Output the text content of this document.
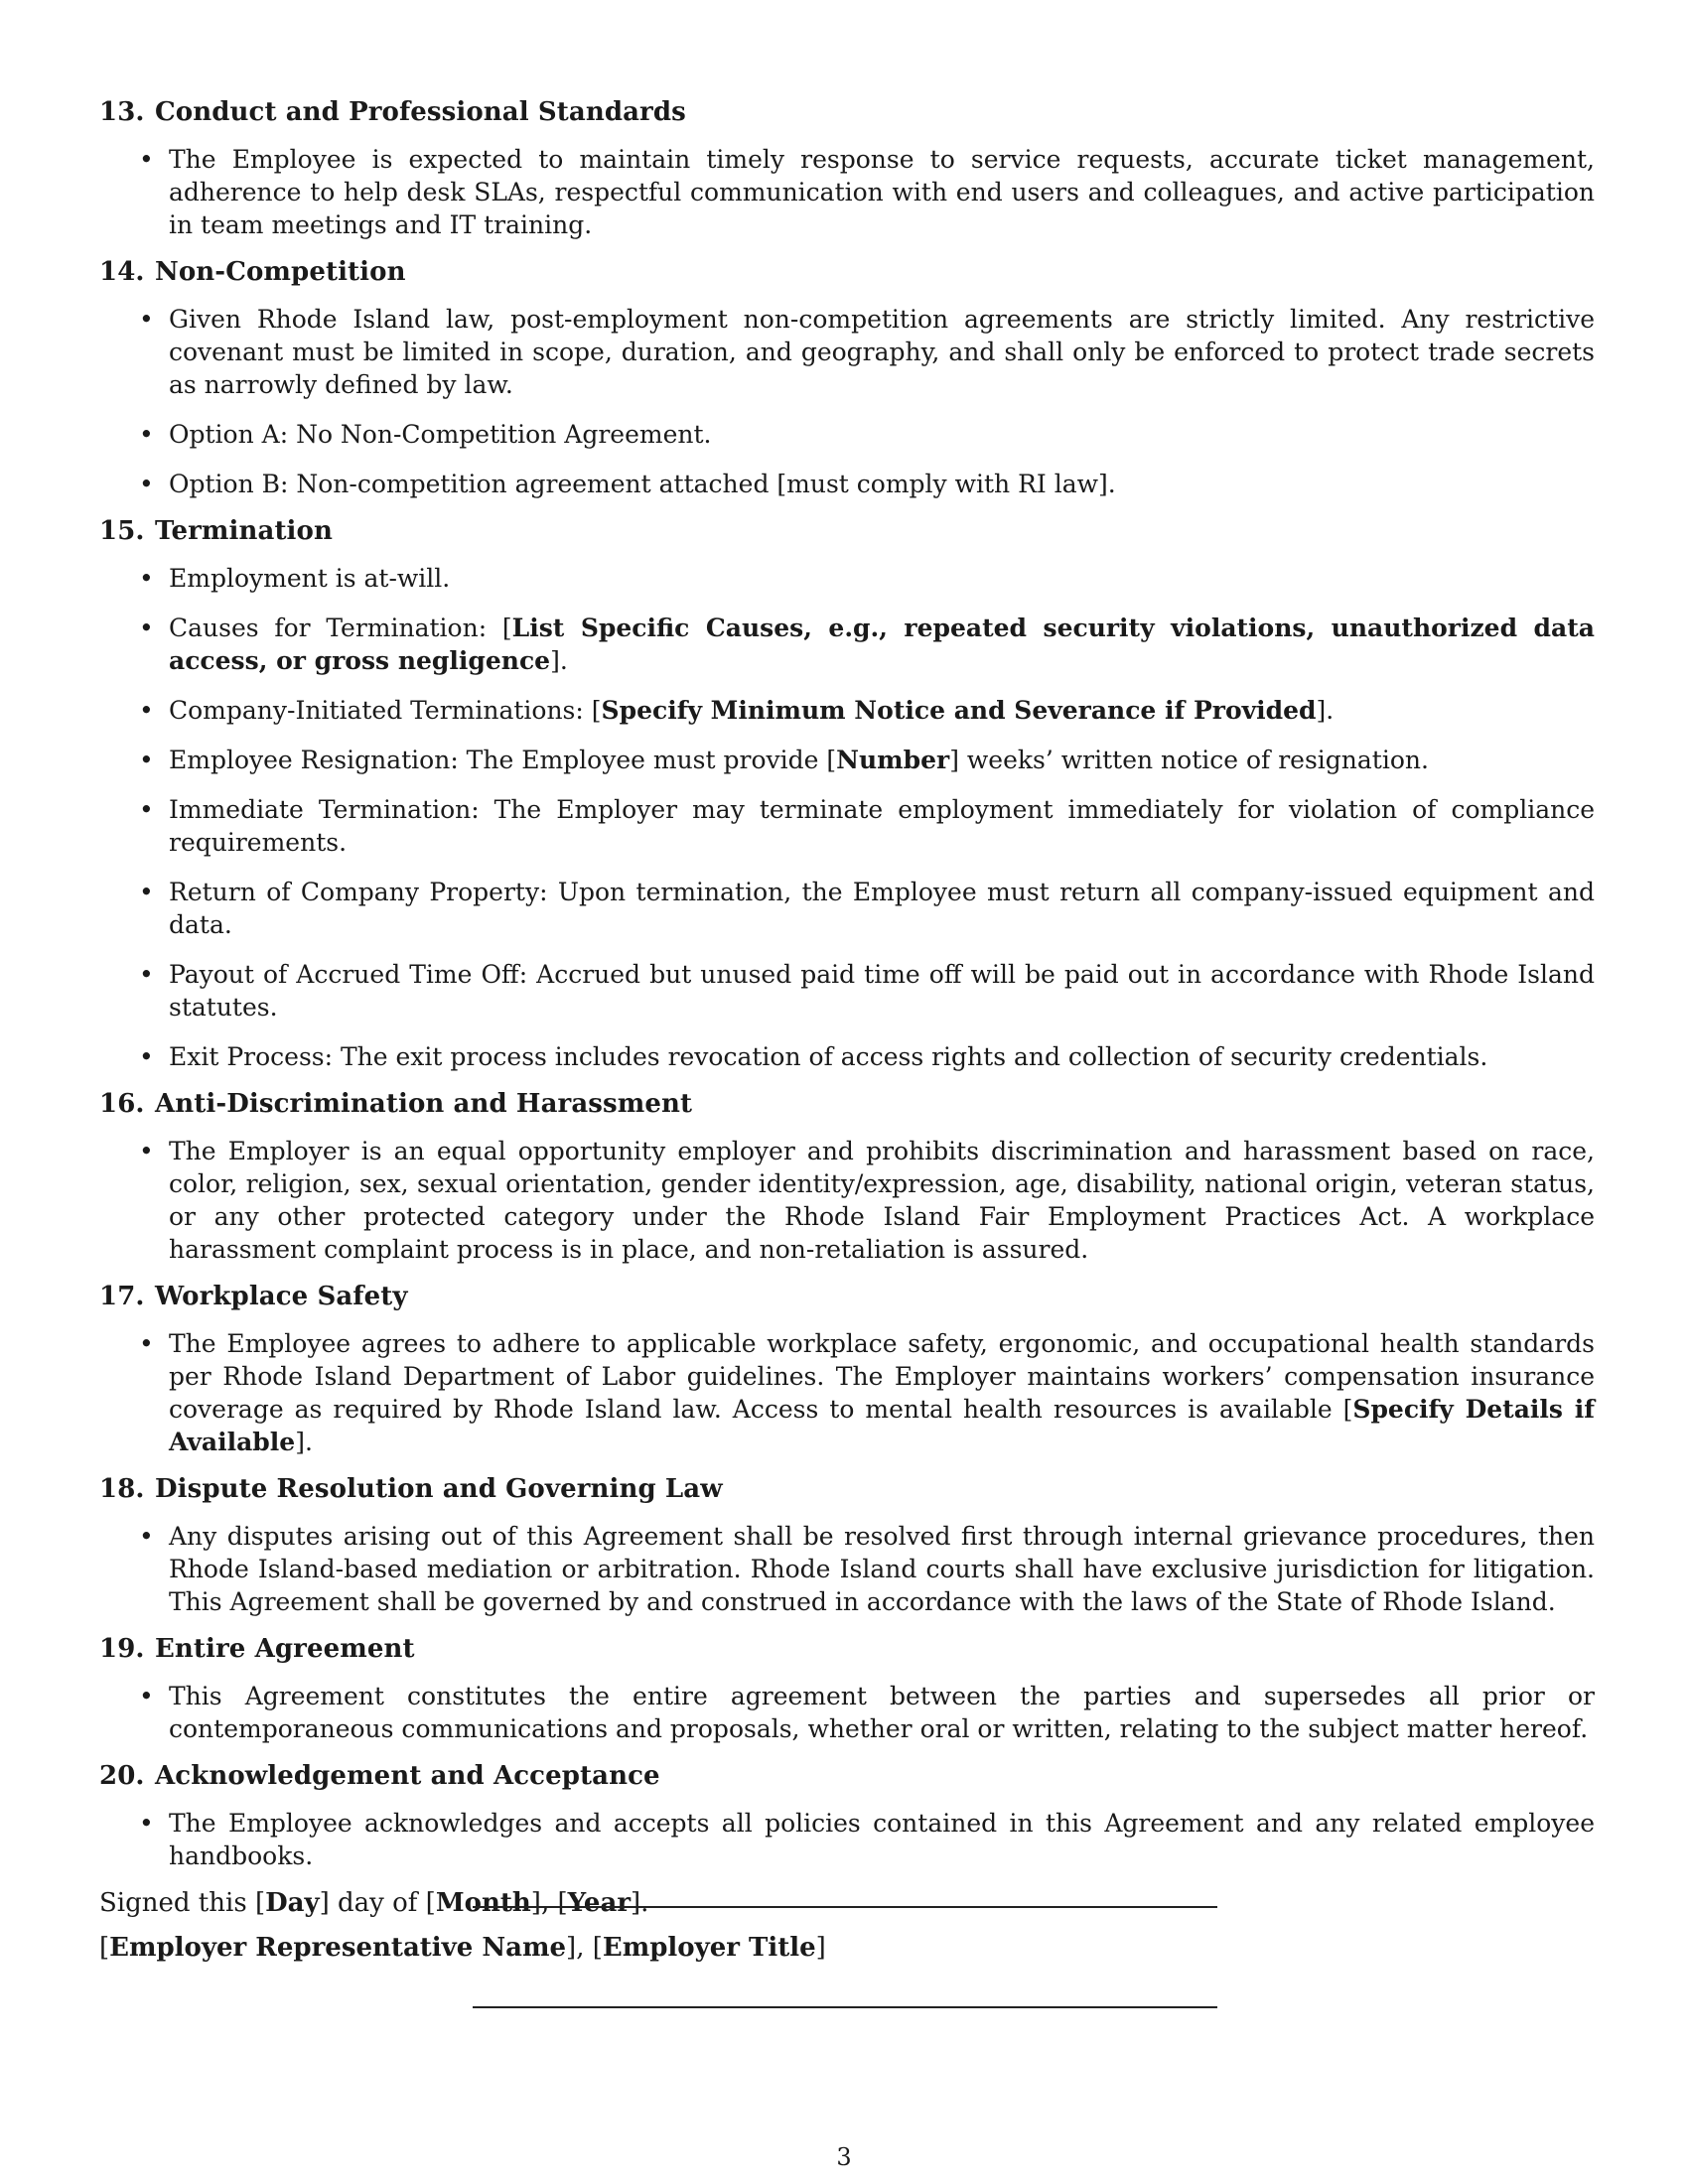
13. Conduct and Professional Standards
• The Employee is expected to maintain timely response to service requests, accurate ticket management, adherence to help desk SLAs, respectful communication with end users and colleagues, and active participation in team meetings and IT training.
14. Non-Competition
• Given Rhode Island law, post-employment non-competition agreements are strictly limited. Any restrictive covenant must be limited in scope, duration, and geography, and shall only be enforced to protect trade secrets as narrowly defined by law.
• Option A: No Non-Competition Agreement.
• Option B: Non-competition agreement attached [must comply with RI law].
15. Termination
• Employment is at-will.
• Causes for Termination: [List Specific Causes, e.g., repeated security violations, unauthorized data access, or gross negligence].
• Company-Initiated Terminations: [Specify Minimum Notice and Severance if Provided].
• Employee Resignation: The Employee must provide [Number] weeks’ written notice of resignation.
• Immediate Termination: The Employer may terminate employment immediately for violation of compliance requirements.
• Return of Company Property: Upon termination, the Employee must return all company-issued equipment and data.
• Payout of Accrued Time Off: Accrued but unused paid time off will be paid out in accordance with Rhode Island statutes.
• Exit Process: The exit process includes revocation of access rights and collection of security credentials.
16. Anti-Discrimination and Harassment
• The Employer is an equal opportunity employer and prohibits discrimination and harassment based on race, color, religion, sex, sexual orientation, gender identity/expression, age, disability, national origin, veteran status, or any other protected category under the Rhode Island Fair Employment Practices Act. A workplace harassment complaint process is in place, and non-retaliation is assured.
17. Workplace Safety
• The Employee agrees to adhere to applicable workplace safety, ergonomic, and occupational health standards per Rhode Island Department of Labor guidelines. The Employer maintains workers’ compensation insurance coverage as required by Rhode Island law. Access to mental health resources is available [Specify Details if Available].
18. Dispute Resolution and Governing Law
• Any disputes arising out of this Agreement shall be resolved first through internal grievance procedures, then Rhode Island-based mediation or arbitration. Rhode Island courts shall have exclusive jurisdiction for litigation. This Agreement shall be governed by and construed in accordance with the laws of the State of Rhode Island.
19. Entire Agreement
• This Agreement constitutes the entire agreement between the parties and supersedes all prior or contemporaneous communications and proposals, whether oral or written, relating to the subject matter hereof.
20. Acknowledgement and Acceptance
• The Employee acknowledges and accepts all policies contained in this Agreement and any related employee handbooks.
Signed this [Day] day of [Month], [Year].
[Employer Representative Name], [Employer Title]
3
